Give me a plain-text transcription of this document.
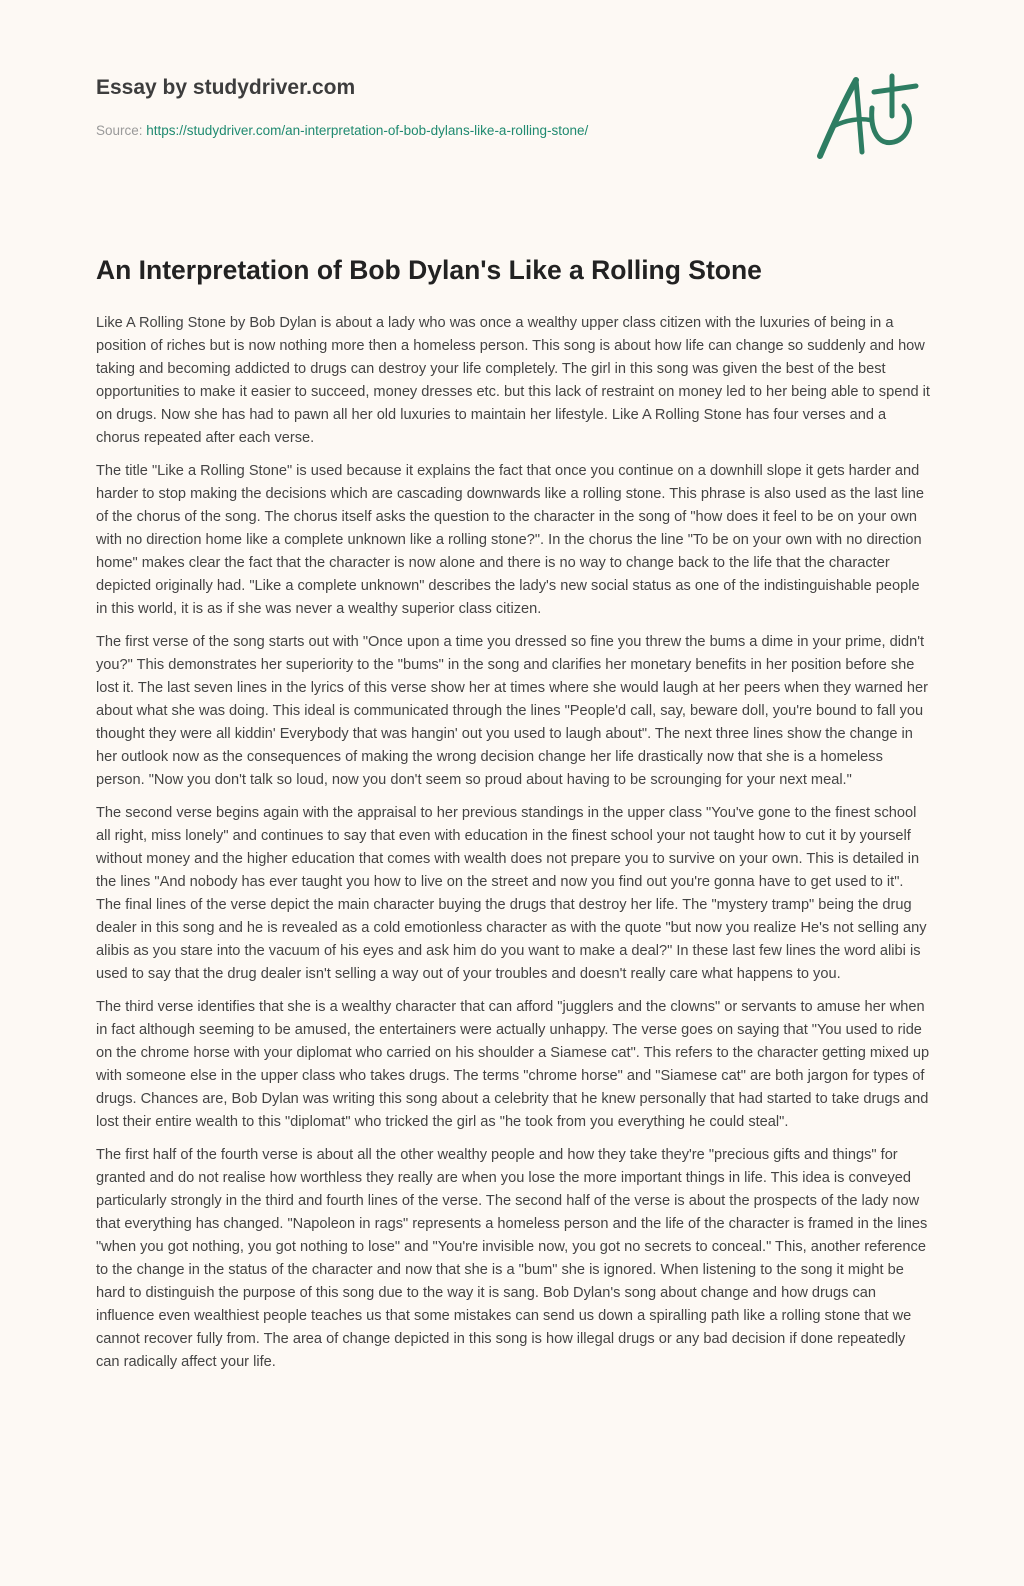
Essay by studydriver.com
Source: https://studydriver.com/an-interpretation-of-bob-dylans-like-a-rolling-stone/
An Interpretation of Bob Dylan's Like a Rolling Stone

Like A Rolling Stone by Bob Dylan is about a lady who was once a wealthy upper class citizen with the luxuries of being in a position of riches but is now nothing more then a homeless person. This song is about how life can change so suddenly and how taking and becoming addicted to drugs can destroy your life completely. The girl in this song was given the best of the best opportunities to make it easier to succeed, money dresses etc. but this lack of restraint on money led to her being able to spend it on drugs. Now she has had to pawn all her old luxuries to maintain her lifestyle. Like A Rolling Stone has four verses and a chorus repeated after each verse.

The title "Like a Rolling Stone" is used because it explains the fact that once you continue on a downhill slope it gets harder and harder to stop making the decisions which are cascading downwards like a rolling stone. This phrase is also used as the last line of the chorus of the song. The chorus itself asks the question to the character in the song of "how does it feel to be on your own with no direction home like a complete unknown like a rolling stone?". In the chorus the line "To be on your own with no direction home" makes clear the fact that the character is now alone and there is no way to change back to the life that the character depicted originally had. "Like a complete unknown" describes the lady's new social status as one of the indistinguishable people in this world, it is as if she was never a wealthy superior class citizen.

The first verse of the song starts out with "Once upon a time you dressed so fine you threw the bums a dime in your prime, didn't you?" This demonstrates her superiority to the "bums" in the song and clarifies her monetary benefits in her position before she lost it. The last seven lines in the lyrics of this verse show her at times where she would laugh at her peers when they warned her about what she was doing. This ideal is communicated through the lines "People'd call, say, beware doll, you're bound to fall you thought they were all kiddin' Everybody that was hangin' out you used to laugh about". The next three lines show the change in her outlook now as the consequences of making the wrong decision change her life drastically now that she is a homeless person. "Now you don't talk so loud, now you don't seem so proud about having to be scrounging for your next meal."

The second verse begins again with the appraisal to her previous standings in the upper class "You've gone to the finest school all right, miss lonely" and continues to say that even with education in the finest school your not taught how to cut it by yourself without money and the higher education that comes with wealth does not prepare you to survive on your own. This is detailed in the lines "And nobody has ever taught you how to live on the street and now you find out you're gonna have to get used to it". The final lines of the verse depict the main character buying the drugs that destroy her life. The "mystery tramp" being the drug dealer in this song and he is revealed as a cold emotionless character as with the quote "but now you realize He's not selling any alibis as you stare into the vacuum of his eyes and ask him do you want to make a deal?" In these last few lines the word alibi is used to say that the drug dealer isn't selling a way out of your troubles and doesn't really care what happens to you.

The third verse identifies that she is a wealthy character that can afford "jugglers and the clowns" or servants to amuse her when in fact although seeming to be amused, the entertainers were actually unhappy. The verse goes on saying that "You used to ride on the chrome horse with your diplomat who carried on his shoulder a Siamese cat". This refers to the character getting mixed up with someone else in the upper class who takes drugs. The terms "chrome horse" and "Siamese cat" are both jargon for types of drugs. Chances are, Bob Dylan was writing this song about a celebrity that he knew personally that had started to take drugs and lost their entire wealth to this "diplomat" who tricked the girl as "he took from you everything he could steal".

The first half of the fourth verse is about all the other wealthy people and how they take they're "precious gifts and things" for granted and do not realise how worthless they really are when you lose the more important things in life. This idea is conveyed particularly strongly in the third and fourth lines of the verse. The second half of the verse is about the prospects of the lady now that everything has changed. "Napoleon in rags" represents a homeless person and the life of the character is framed in the lines "when you got nothing, you got nothing to lose" and "You're invisible now, you got no secrets to conceal." This, another reference to the change in the status of the character and now that she is a "bum" she is ignored. When listening to the song it might be hard to distinguish the purpose of this song due to the way it is sang. Bob Dylan's song about change and how drugs can influence even wealthiest people teaches us that some mistakes can send us down a spiralling path like a rolling stone that we cannot recover fully from. The area of change depicted in this song is how illegal drugs or any bad decision if done repeatedly can radically affect your life.
